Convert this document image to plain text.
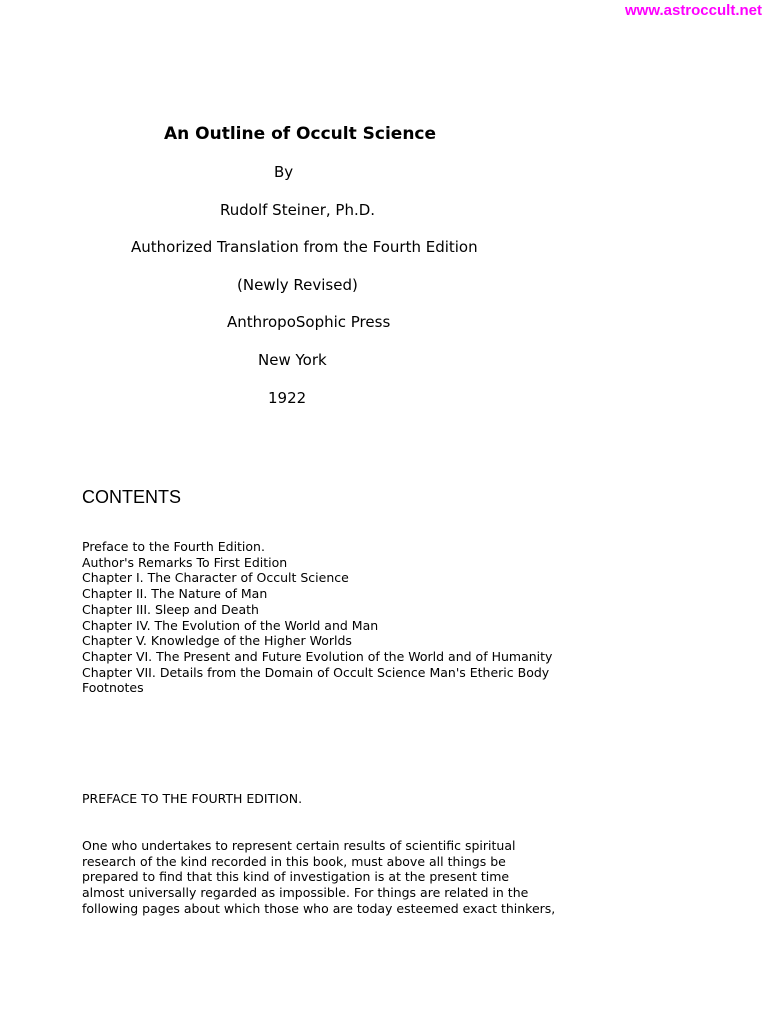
www.astroccult.net
An Outline of Occult Science
By
Rudolf Steiner, Ph.D.
Authorized Translation from the Fourth Edition
(Newly Revised)
AnthropoSophic Press
New York
1922
CONTENTS
Preface to the Fourth Edition.
Author's Remarks To First Edition
Chapter I. The Character of Occult Science
Chapter II. The Nature of Man
Chapter III. Sleep and Death
Chapter IV. The Evolution of the World and Man
Chapter V. Knowledge of the Higher Worlds
Chapter VI. The Present and Future Evolution of the World and of Humanity
Chapter VII. Details from the Domain of Occult Science Man's Etheric Body
Footnotes
PREFACE TO THE FOURTH EDITION.
One who undertakes to represent certain results of scientific spiritual
research of the kind recorded in this book, must above all things be
prepared to find that this kind of investigation is at the present time
almost universally regarded as impossible. For things are related in the
following pages about which those who are today esteemed exact thinkers,
